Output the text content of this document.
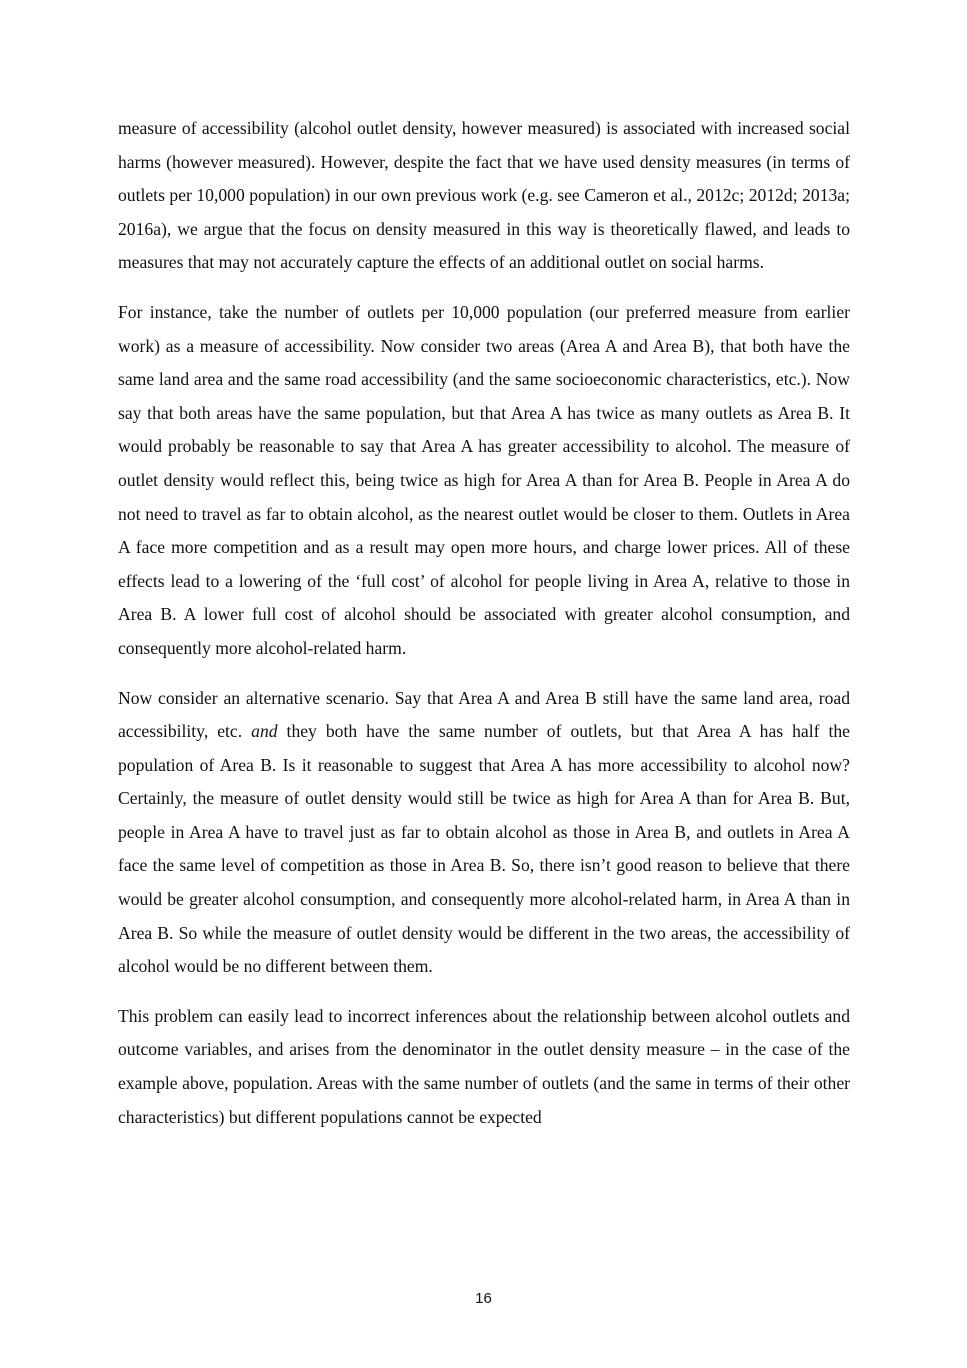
measure of accessibility (alcohol outlet density, however measured) is associated with increased social harms (however measured). However, despite the fact that we have used density measures (in terms of outlets per 10,000 population) in our own previous work (e.g. see Cameron et al., 2012c; 2012d; 2013a; 2016a), we argue that the focus on density measured in this way is theoretically flawed, and leads to measures that may not accurately capture the effects of an additional outlet on social harms.

For instance, take the number of outlets per 10,000 population (our preferred measure from earlier work) as a measure of accessibility. Now consider two areas (Area A and Area B), that both have the same land area and the same road accessibility (and the same socioeconomic characteristics, etc.). Now say that both areas have the same population, but that Area A has twice as many outlets as Area B. It would probably be reasonable to say that Area A has greater accessibility to alcohol. The measure of outlet density would reflect this, being twice as high for Area A than for Area B. People in Area A do not need to travel as far to obtain alcohol, as the nearest outlet would be closer to them. Outlets in Area A face more competition and as a result may open more hours, and charge lower prices. All of these effects lead to a lowering of the ‘full cost’ of alcohol for people living in Area A, relative to those in Area B. A lower full cost of alcohol should be associated with greater alcohol consumption, and consequently more alcohol-related harm.

Now consider an alternative scenario. Say that Area A and Area B still have the same land area, road accessibility, etc. and they both have the same number of outlets, but that Area A has half the population of Area B. Is it reasonable to suggest that Area A has more accessibility to alcohol now? Certainly, the measure of outlet density would still be twice as high for Area A than for Area B. But, people in Area A have to travel just as far to obtain alcohol as those in Area B, and outlets in Area A face the same level of competition as those in Area B. So, there isn’t good reason to believe that there would be greater alcohol consumption, and consequently more alcohol-related harm, in Area A than in Area B. So while the measure of outlet density would be different in the two areas, the accessibility of alcohol would be no different between them.

This problem can easily lead to incorrect inferences about the relationship between alcohol outlets and outcome variables, and arises from the denominator in the outlet density measure – in the case of the example above, population. Areas with the same number of outlets (and the same in terms of their other characteristics) but different populations cannot be expected

16
